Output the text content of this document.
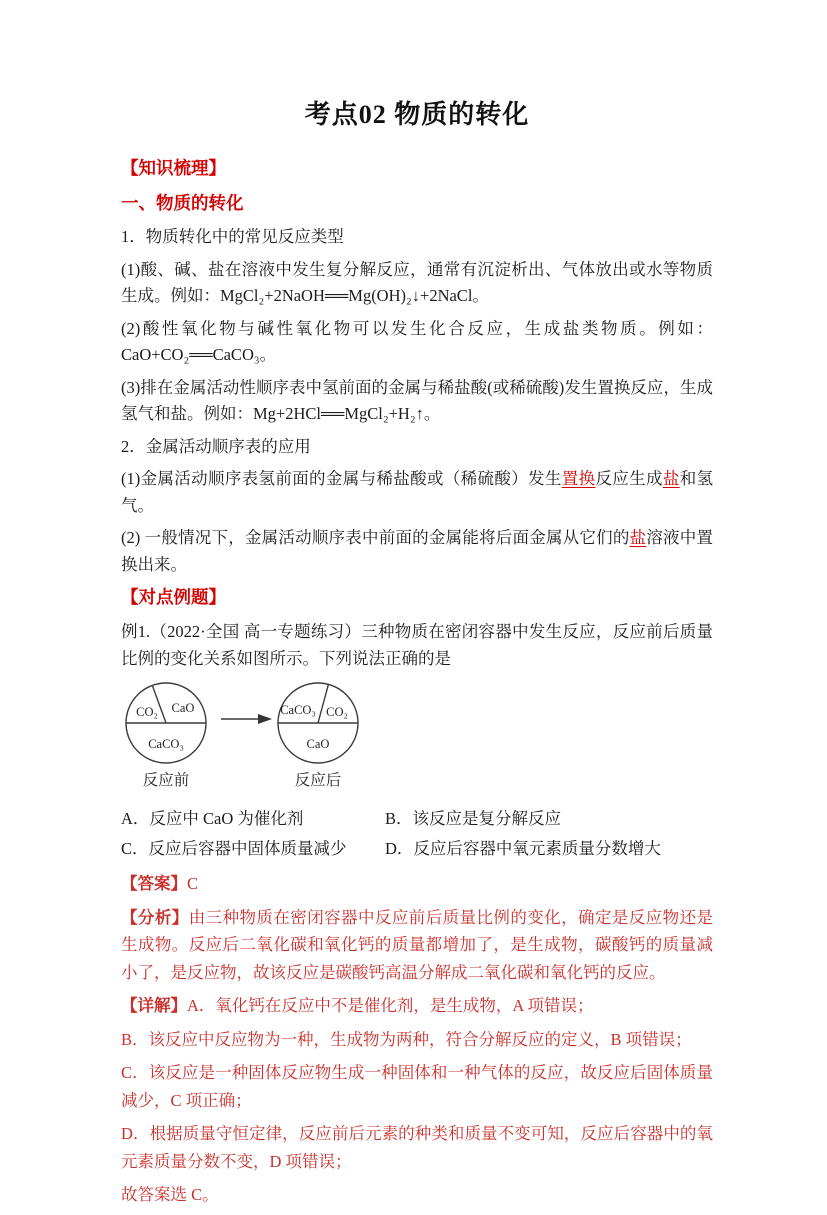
考点02 物质的转化
【知识梳理】
一、物质的转化

1．物质转化中的常见反应类型

(1)酸、碱、盐在溶液中发生复分解反应，通常有沉淀析出、气体放出或水等物质生成。例如：MgCl₂+2NaOH══Mg(OH)₂↓+2NaCl。

(2)酸性氧化物与碱性氧化物可以发生化合反应，生成盐类物质。例如：CaO+CO₂══CaCO₃。

(3)排在金属活动性顺序表中氢前面的金属与稀盐酸(或稀硫酸)发生置换反应，生成氢气和盐。例如：Mg+2HCl══MgCl₂+H₂↑。

2．金属活动顺序表的应用

(1)金属活动顺序表氢前面的金属与稀盐酸或（稀硫酸）发生置换反应生成盐和氢气。

(2) 一般情况下，金属活动顺序表中前面的金属能将后面金属从它们的盐溶液中置换出来。

【对点例题】

例1.（2022·全国 高一专题练习）三种物质在密闭容器中发生反应，反应前后质量比例的变化关系如图所示。下列说法正确的是

CO₂ CaO
CaCO₃
反应前
CaCO₃ CO₂
CaO
反应后
A．反应中 CaO 为催化剂	B．该反应是复分解反应
C．反应后容器中固体质量减少	D．反应后容器中氧元素质量分数增大

【答案】C

【分析】由三种物质在密闭容器中反应前后质量比例的变化，确定是反应物还是生成物。反应后二氧化碳和氧化钙的质量都增加了，是生成物，碳酸钙的质量减小了，是反应物，故该反应是碳酸钙高温分解成二氧化碳和氧化钙的反应。

【详解】A．氧化钙在反应中不是催化剂，是生成物，A 项错误；

B．该反应中反应物为一种，生成物为两种，符合分解反应的定义，B 项错误；

C．该反应是一种固体反应物生成一种固体和一种气体的反应，故反应后固体质量减少，C 项正确；

D．根据质量守恒定律，反应前后元素的种类和质量不变可知，反应后容器中的氧元素质量分数不变，D 项错误；

故答案选 C。
